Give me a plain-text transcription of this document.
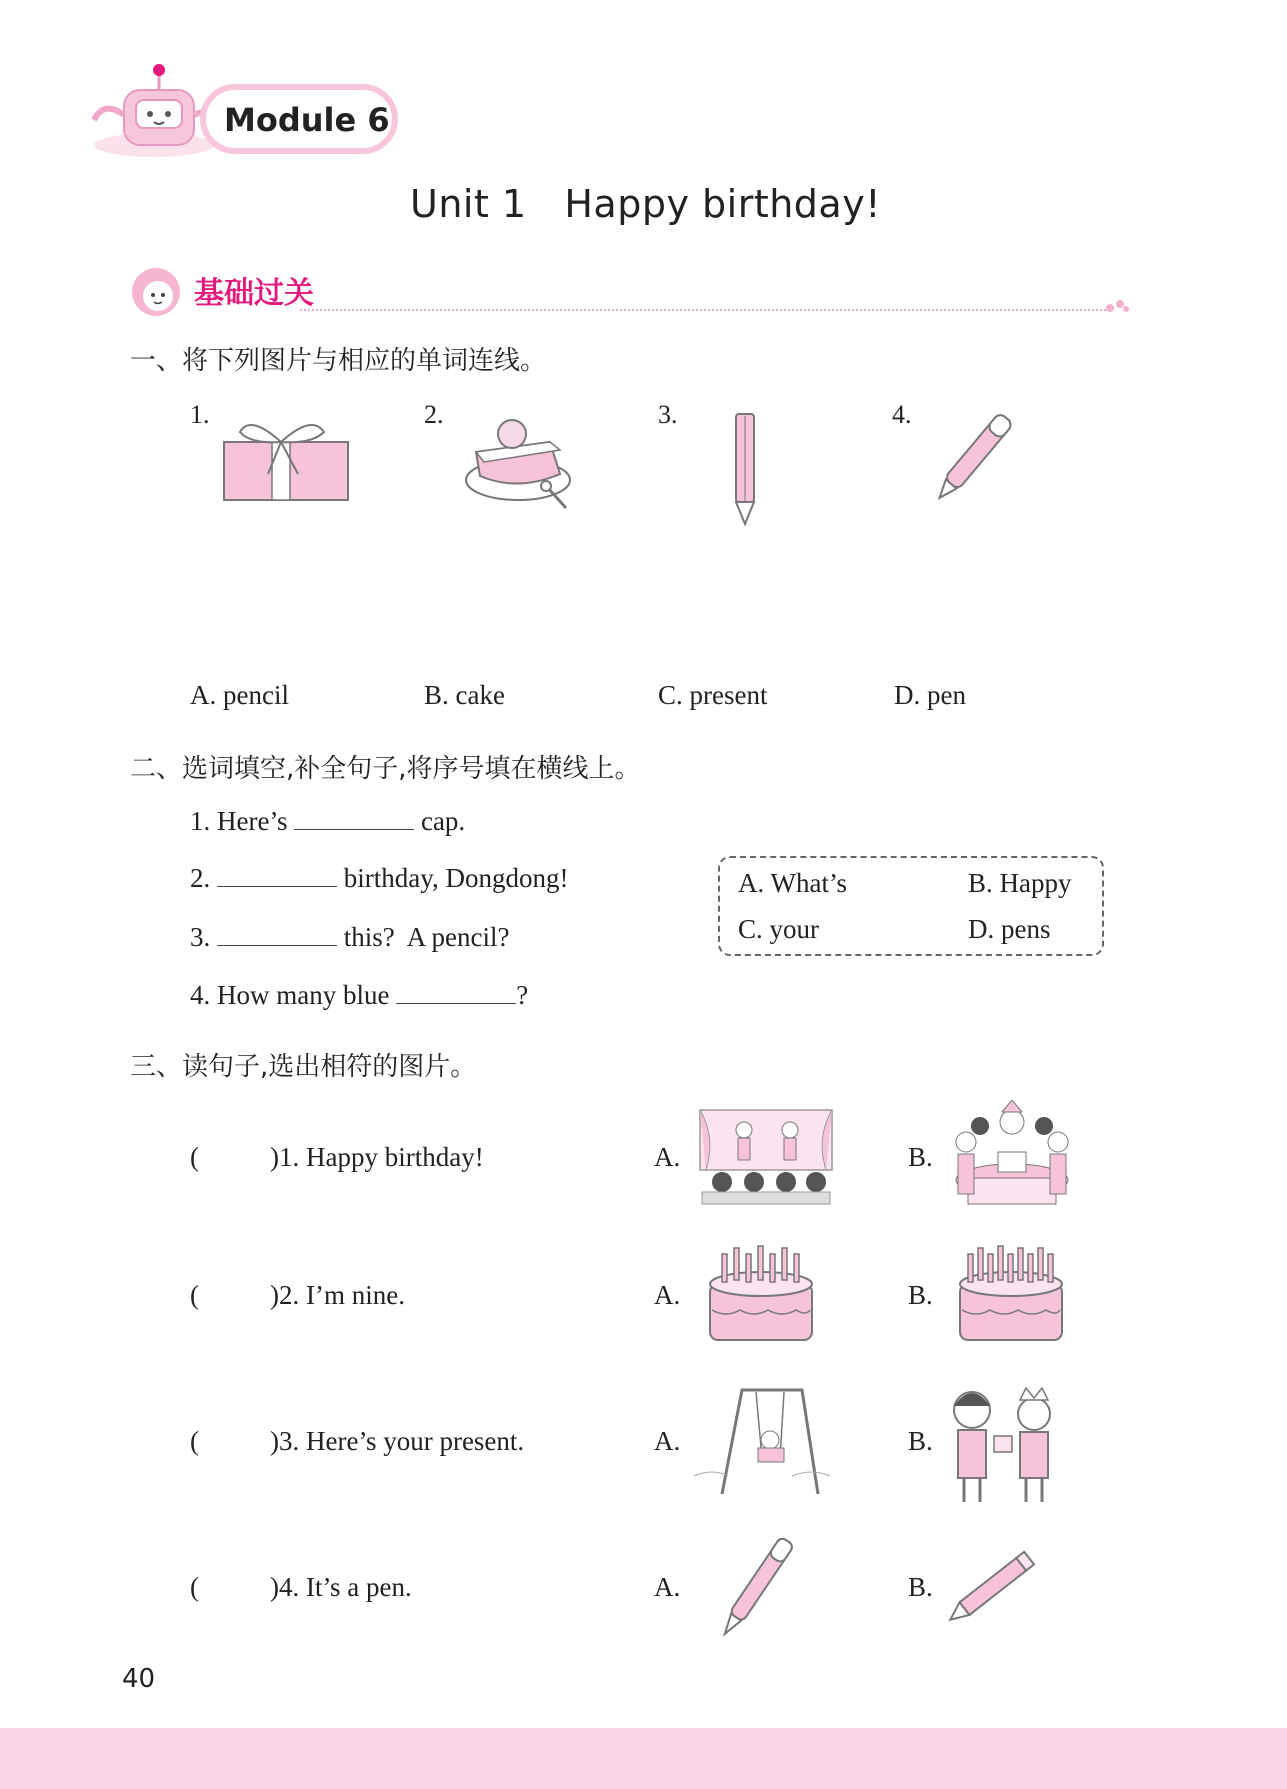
Module 6
Unit 1   Happy birthday!
基础过关
一、将下列图片与相应的单词连线。
1.	2.	3.	4.
A. pencil	B. cake	C. present	D. pen
二、选词填空,补全句子,将序号填在横线上。
1. Here’s	cap.
2.	birthday, Dongdong!
3.	this?  A pencil?
4. How many blue	?
A. What’s	B. Happy
C. your	D. pens
三、读句子,选出相符的图片。
(	)1. Happy birthday!	A.	B.
(	)2. I’m nine.	A.	B.
(	)3. Here’s your present.	A.	B.
(	)4. It’s a pen.	A.	B.
40
